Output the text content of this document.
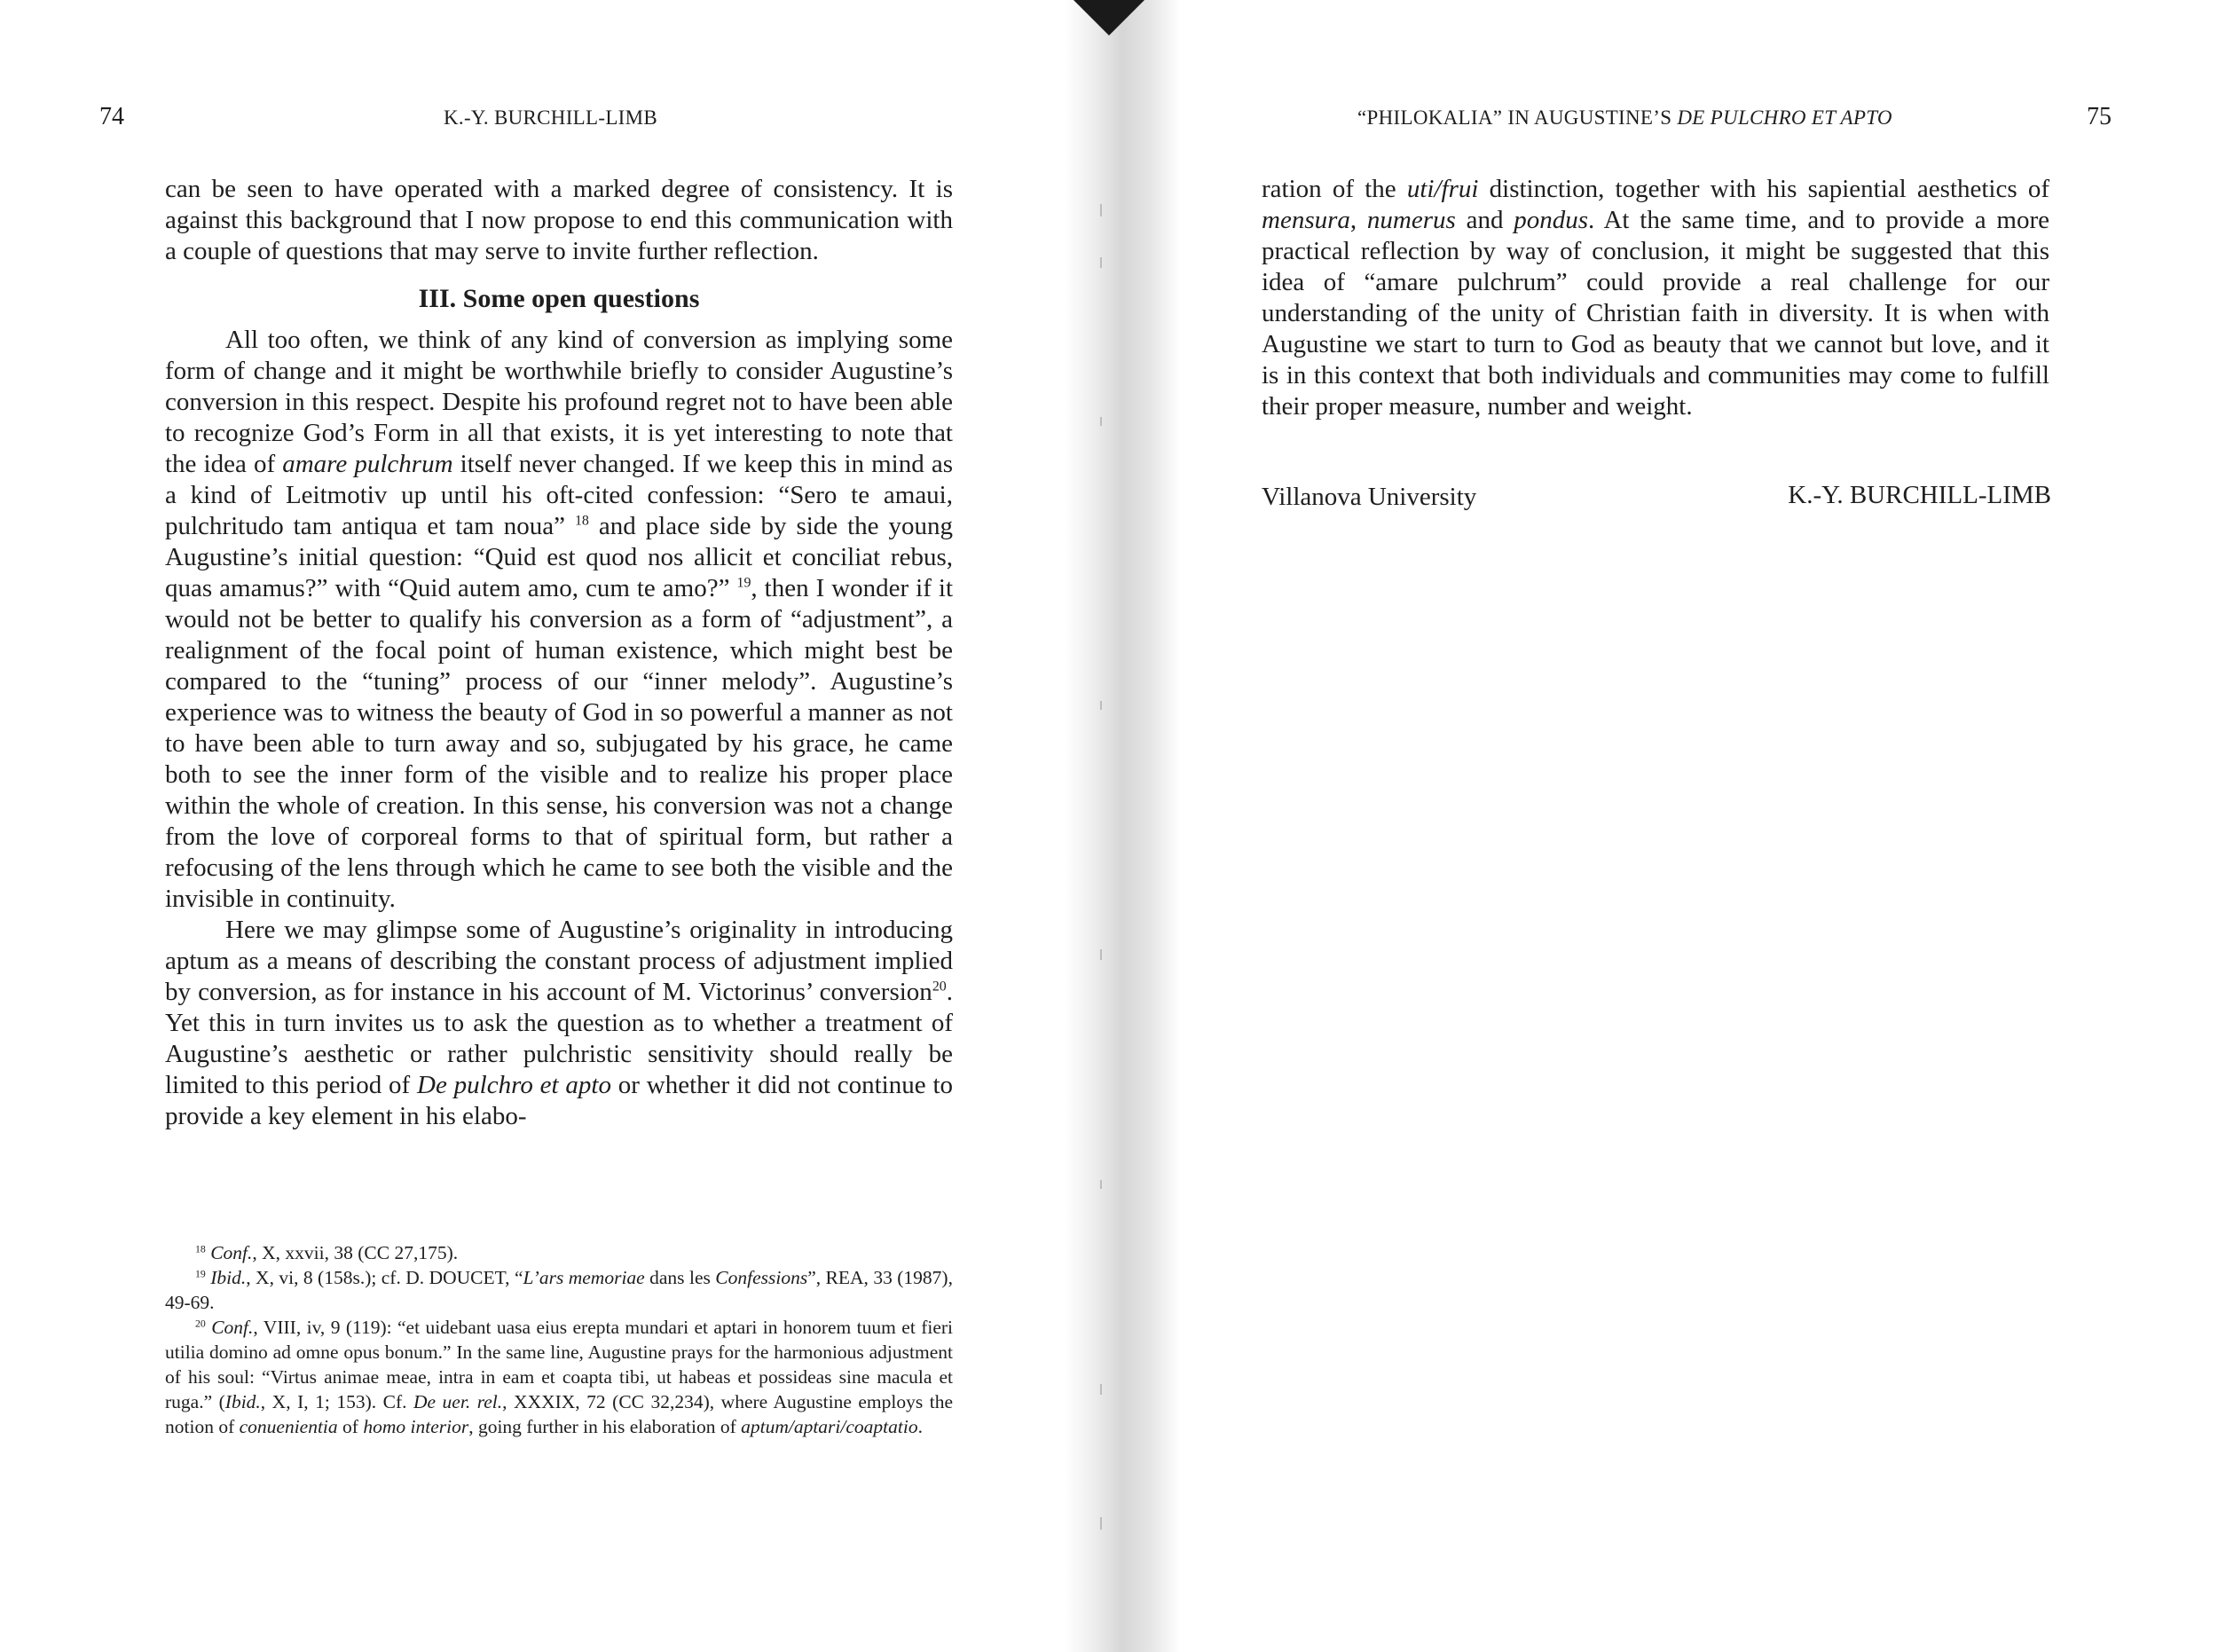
74	K.-Y. BURCHILL-LIMB

can be seen to have operated with a marked degree of consistency. It is against this background that I now propose to end this communication with a couple of questions that may serve to invite further reflection.

III. Some open questions

All too often, we think of any kind of conversion as implying some form of change and it might be worthwhile briefly to consider Augustine’s conversion in this respect. Despite his profound regret not to have been able to recognize God’s Form in all that exists, it is yet interesting to note that the idea of amare pulchrum itself never changed. If we keep this in mind as a kind of Leitmotiv up until his oft-cited confession: “Sero te amaui, pulchritudo tam antiqua et tam noua” $^{18}$ and place side by side the young Augustine’s initial question: “Quid est quod nos allicit et conciliat rebus, quas amamus?” with “Quid autem amo, cum te amo?” $^{19}$, then I wonder if it would not be better to qualify his conversion as a form of “adjustment”, a realignment of the focal point of human existence, which might best be compared to the “tuning” process of our “inner melody”. Augustine’s experience was to witness the beauty of God in so powerful a manner as not to have been able to turn away and so, subjugated by his grace, he came both to see the inner form of the visible and to realize his proper place within the whole of creation. In this sense, his conversion was not a change from the love of corporeal forms to that of spiritual form, but rather a refocusing of the lens through which he came to see both the visible and the invisible in continuity.

Here we may glimpse some of Augustine’s originality in introducing aptum as a means of describing the constant process of adjustment implied by conversion, as for instance in his account of M. Victorinus’ conversion$^{20}$. Yet this in turn invites us to ask the question as to whether a treatment of Augustine’s aesthetic or rather pulchristic sensitivity should really be limited to this period of De pulchro et apto or whether it did not continue to provide a key element in his elabo-

$^{18}$ Conf., X, xxvii, 38 (CC 27,175).

$^{19}$ Ibid., X, vi, 8 (158s.); cf. D. DOUCET, “L’ars memoriae dans les Confessions”, REA, 33 (1987), 49-69.

$^{20}$ Conf., VIII, iv, 9 (119): “et uidebant uasa eius erepta mundari et aptari in honorem tuum et fieri utilia domino ad omne opus bonum.” In the same line, Augustine prays for the harmonious adjustment of his soul: “Virtus animae meae, intra in eam et coapta tibi, ut habeas et possideas sine macula et ruga.” (Ibid., X, I, 1; 153). Cf. De uer. rel., XXXIX, 72 (CC 32,234), where Augustine employs the notion of conuenientia of homo interior, going further in his elaboration of aptum/aptari/coaptatio.

“PHILOKALIA” IN AUGUSTINE’S DE PULCHRO ET APTO	75

ration of the uti/frui distinction, together with his sapiential aesthetics of mensura, numerus and pondus. At the same time, and to provide a more practical reflection by way of conclusion, it might be suggested that this idea of “amare pulchrum” could provide a real challenge for our understanding of the unity of Christian faith in diversity. It is when with Augustine we start to turn to God as beauty that we cannot but love, and it is in this context that both individuals and communities may come to fulfill their proper measure, number and weight.

Villanova University	K.-Y. BURCHILL-LIMB
